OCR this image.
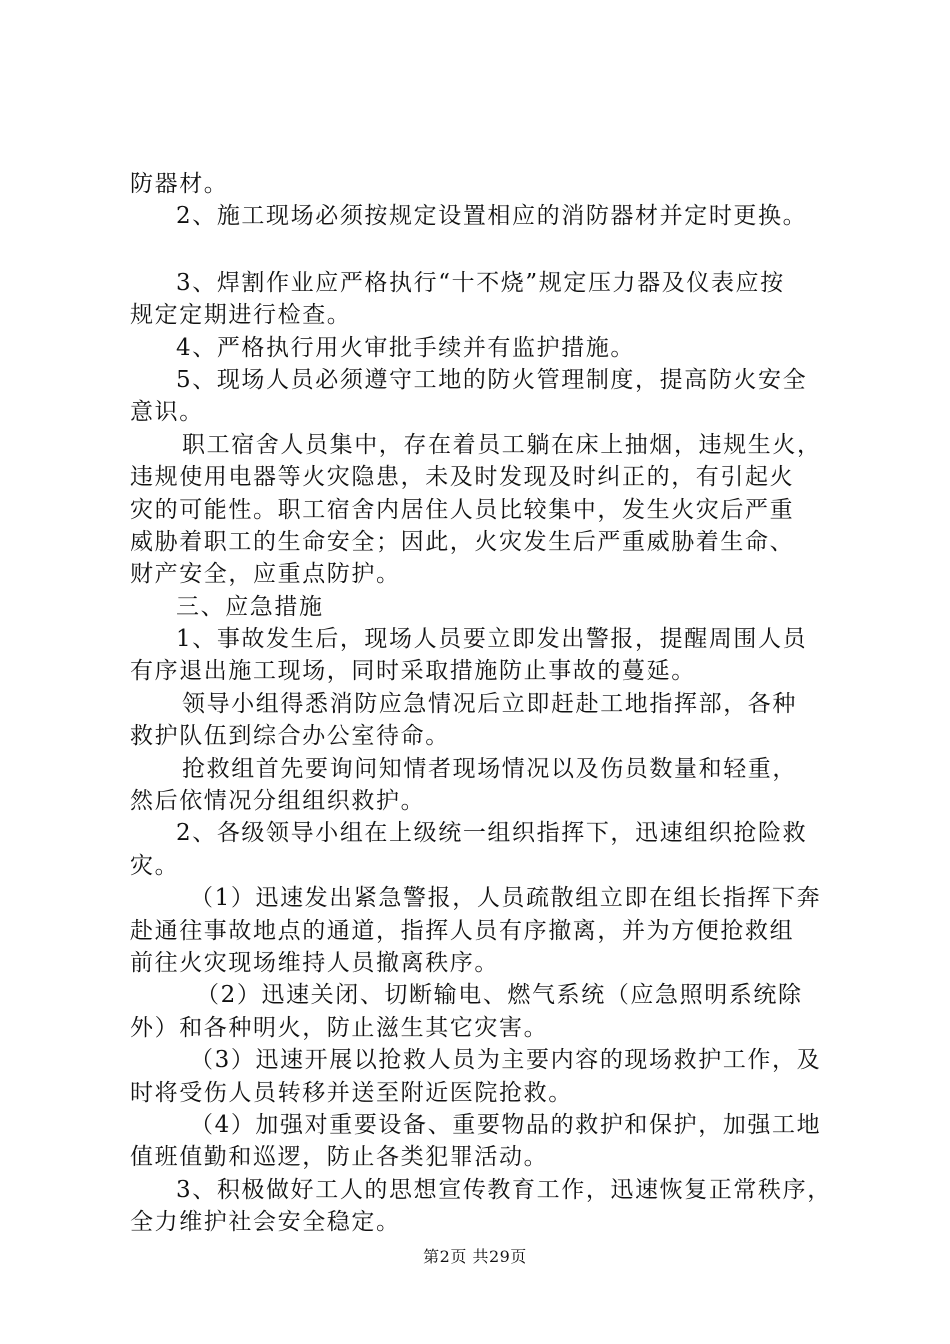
防器材。
2、施工现场必须按规定设置相应的消防器材并定时更换。
3、焊割作业应严格执行“十不烧”规定压力器及仪表应按
规定定期进行检查。
4、严格执行用火审批手续并有监护措施。
5、现场人员必须遵守工地的防火管理制度，提高防火安全
意识。
职工宿舍人员集中，存在着员工躺在床上抽烟，违规生火，
违规使用电器等火灾隐患，未及时发现及时纠正的，有引起火
灾的可能性。职工宿舍内居住人员比较集中，发生火灾后严重
威胁着职工的生命安全；因此，火灾发生后严重威胁着生命、
财产安全，应重点防护。
三、应急措施
1、事故发生后，现场人员要立即发出警报，提醒周围人员
有序退出施工现场，同时采取措施防止事故的蔓延。
领导小组得悉消防应急情况后立即赶赴工地指挥部，各种
救护队伍到综合办公室待命。
抢救组首先要询问知情者现场情况以及伤员数量和轻重，
然后依情况分组组织救护。
2、各级领导小组在上级统一组织指挥下，迅速组织抢险救
灾。
（1）迅速发出紧急警报，人员疏散组立即在组长指挥下奔
赴通往事故地点的通道，指挥人员有序撤离，并为方便抢救组
前往火灾现场维持人员撤离秩序。
（2）迅速关闭、切断输电、燃气系统（应急照明系统除
外）和各种明火，防止滋生其它灾害。
（3）迅速开展以抢救人员为主要内容的现场救护工作，及
时将受伤人员转移并送至附近医院抢救。
（4）加强对重要设备、重要物品的救护和保护，加强工地
值班值勤和巡逻，防止各类犯罪活动。
3、积极做好工人的思想宣传教育工作，迅速恢复正常秩序，
全力维护社会安全稳定。
第2页 共29页
